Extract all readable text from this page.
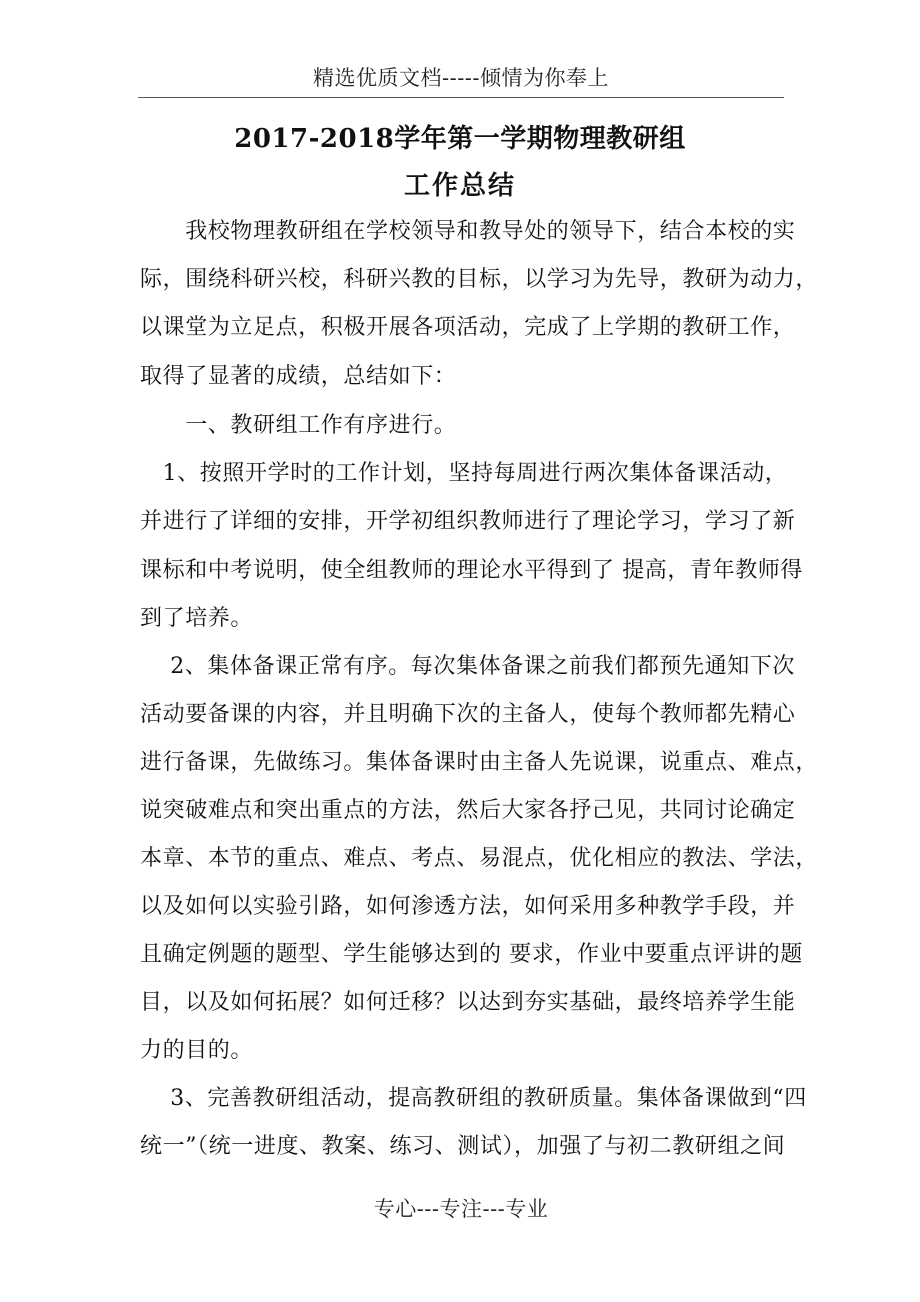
精选优质文档-----倾情为你奉上
2017-2018学年第一学期物理教研组
工作总结
　　我校物理教研组在学校领导和教导处的领导下，结合本校的实
际，围绕科研兴校，科研兴教的目标，以学习为先导，教研为动力，
以课堂为立足点，积极开展各项活动，完成了上学期的教研工作，
取得了显著的成绩，总结如下：
　　一、教研组工作有序进行。
　1、按照开学时的工作计划，坚持每周进行两次集体备课活动，
并进行了详细的安排，开学初组织教师进行了理论学习，学习了新
课标和中考说明，使全组教师的理论水平得到了 提高，青年教师得
到了培养。
　 2、集体备课正常有序。每次集体备课之前我们都预先通知下次
活动要备课的内容，并且明确下次的主备人，使每个教师都先精心
进行备课，先做练习。集体备课时由主备人先说课，说重点、难点，
说突破难点和突出重点的方法，然后大家各抒己见，共同讨论确定
本章、本节的重点、难点、考点、易混点，优化相应的教法、学法，
以及如何以实验引路，如何渗透方法，如何采用多种教学手段，并
且确定例题的题型、学生能够达到的 要求，作业中要重点评讲的题
目，以及如何拓展？如何迁移？以达到夯实基础，最终培养学生能
力的目的。
　 3、完善教研组活动，提高教研组的教研质量。集体备课做到“四
统一”（统一进度、教案、练习、测试），加强了与初二教研组之间
专心---专注---专业
